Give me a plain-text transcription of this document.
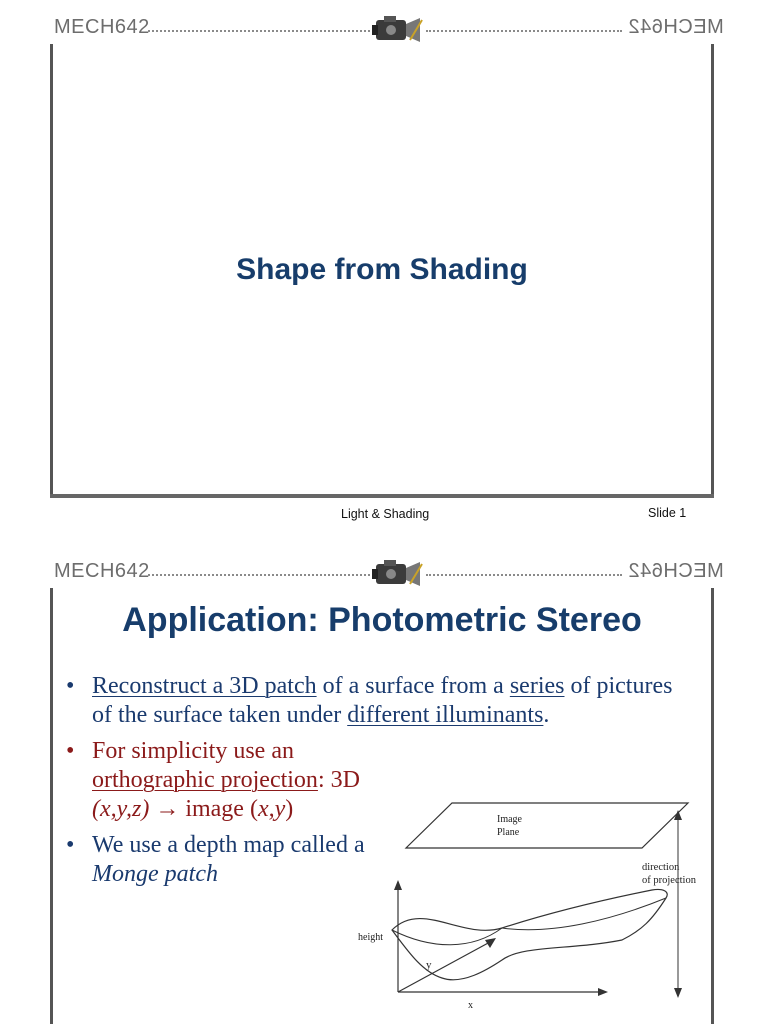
MECH642	MECH642
Shape from Shading
Light & Shading	Slide 1
MECH642	MECH642
Application: Photometric Stereo
• Reconstruct a 3D patch of a surface from a series of pictures of the surface taken under different illuminants.
• For simplicity use an orthographic projection: 3D
(x,y,z) → image (x,y)
• We use a depth map called a
Monge patch
Image
Plane
direction
of projection
height
y
x
